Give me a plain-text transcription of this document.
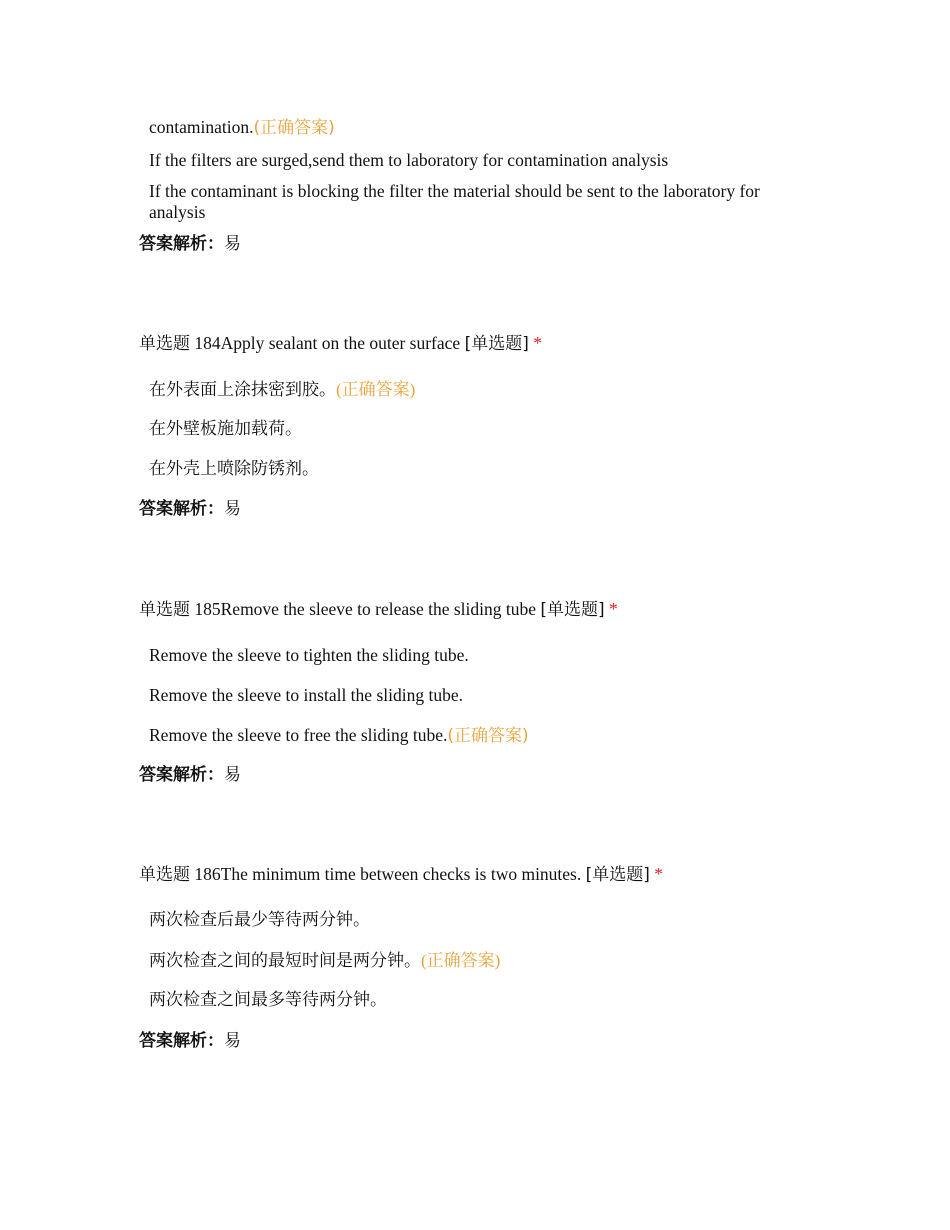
contamination.(正确答案)
If the filters are surged,send them to laboratory for contamination analysis
If the contaminant is blocking the filter the material should be sent to the laboratory for analysis
答案解析：易
单选题 184Apply sealant on the outer surface [单选题] *
在外表面上涂抹密到胶。(正确答案)
在外壁板施加载荷。
在外壳上喷除防锈剂。
答案解析：易
单选题 185Remove the sleeve to release the sliding tube [单选题] *
Remove the sleeve to tighten the sliding tube.
Remove the sleeve to install the sliding tube.
Remove the sleeve to free the sliding tube.(正确答案)
答案解析：易
单选题 186The minimum time between checks is two minutes. [单选题] *
两次检查后最少等待两分钟。
两次检查之间的最短时间是两分钟。(正确答案)
两次检查之间最多等待两分钟。
答案解析：易
